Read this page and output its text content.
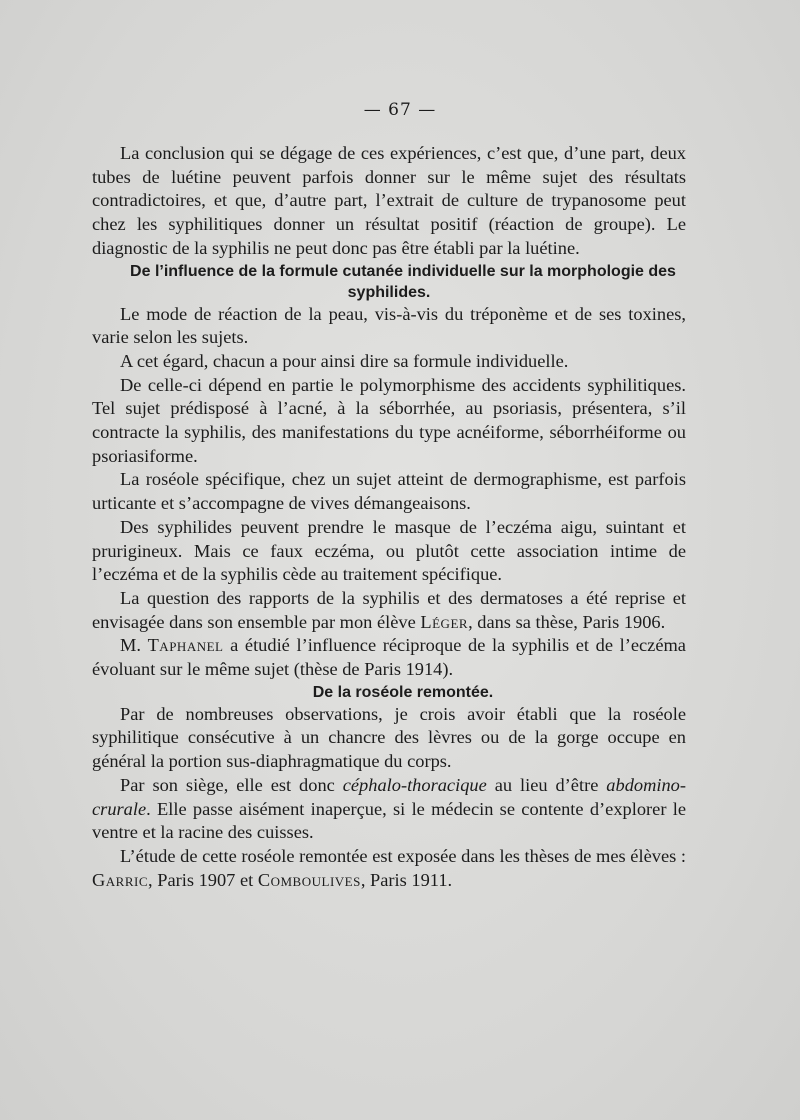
— 67 —

La conclusion qui se dégage de ces expériences, c’est que, d’une part, deux tubes de luétine peuvent parfois donner sur le même sujet des résultats contradictoires, et que, d’autre part, l’extrait de culture de trypanosome peut chez les syphilitiques donner un résultat positif (réaction de groupe). Le diagnostic de la syphilis ne peut donc pas être établi par la luétine.

De l’influence de la formule cutanée individuelle sur la morphologie des syphilides.

Le mode de réaction de la peau, vis-à-vis du tréponème et de ses toxines, varie selon les sujets.

A cet égard, chacun a pour ainsi dire sa formule individuelle.

De celle-ci dépend en partie le polymorphisme des accidents syphilitiques. Tel sujet prédisposé à l’acné, à la séborrhée, au psoriasis, présentera, s’il contracte la syphilis, des manifestations du type acnéiforme, séborrhéiforme ou psoriasiforme.

La roséole spécifique, chez un sujet atteint de dermographisme, est parfois urticante et s’accompagne de vives démangeaisons.

Des syphilides peuvent prendre le masque de l’eczéma aigu, suintant et prurigineux. Mais ce faux eczéma, ou plutôt cette association intime de l’eczéma et de la syphilis cède au traitement spécifique.

La question des rapports de la syphilis et des dermatoses a été reprise et envisagée dans son ensemble par mon élève Léger, dans sa thèse, Paris 1906.

M. Taphanel a étudié l’influence réciproque de la syphilis et de l’eczéma évoluant sur le même sujet (thèse de Paris 1914).

De la roséole remontée.

Par de nombreuses observations, je crois avoir établi que la roséole syphilitique consécutive à un chancre des lèvres ou de la gorge occupe en général la portion sus-diaphragmatique du corps.

Par son siège, elle est donc céphalo-thoracique au lieu d’être abdomino-crurale. Elle passe aisément inaperçue, si le médecin se contente d’explorer le ventre et la racine des cuisses.

L’étude de cette roséole remontée est exposée dans les thèses de mes élèves : Garric, Paris 1907 et Comboulives, Paris 1911.
